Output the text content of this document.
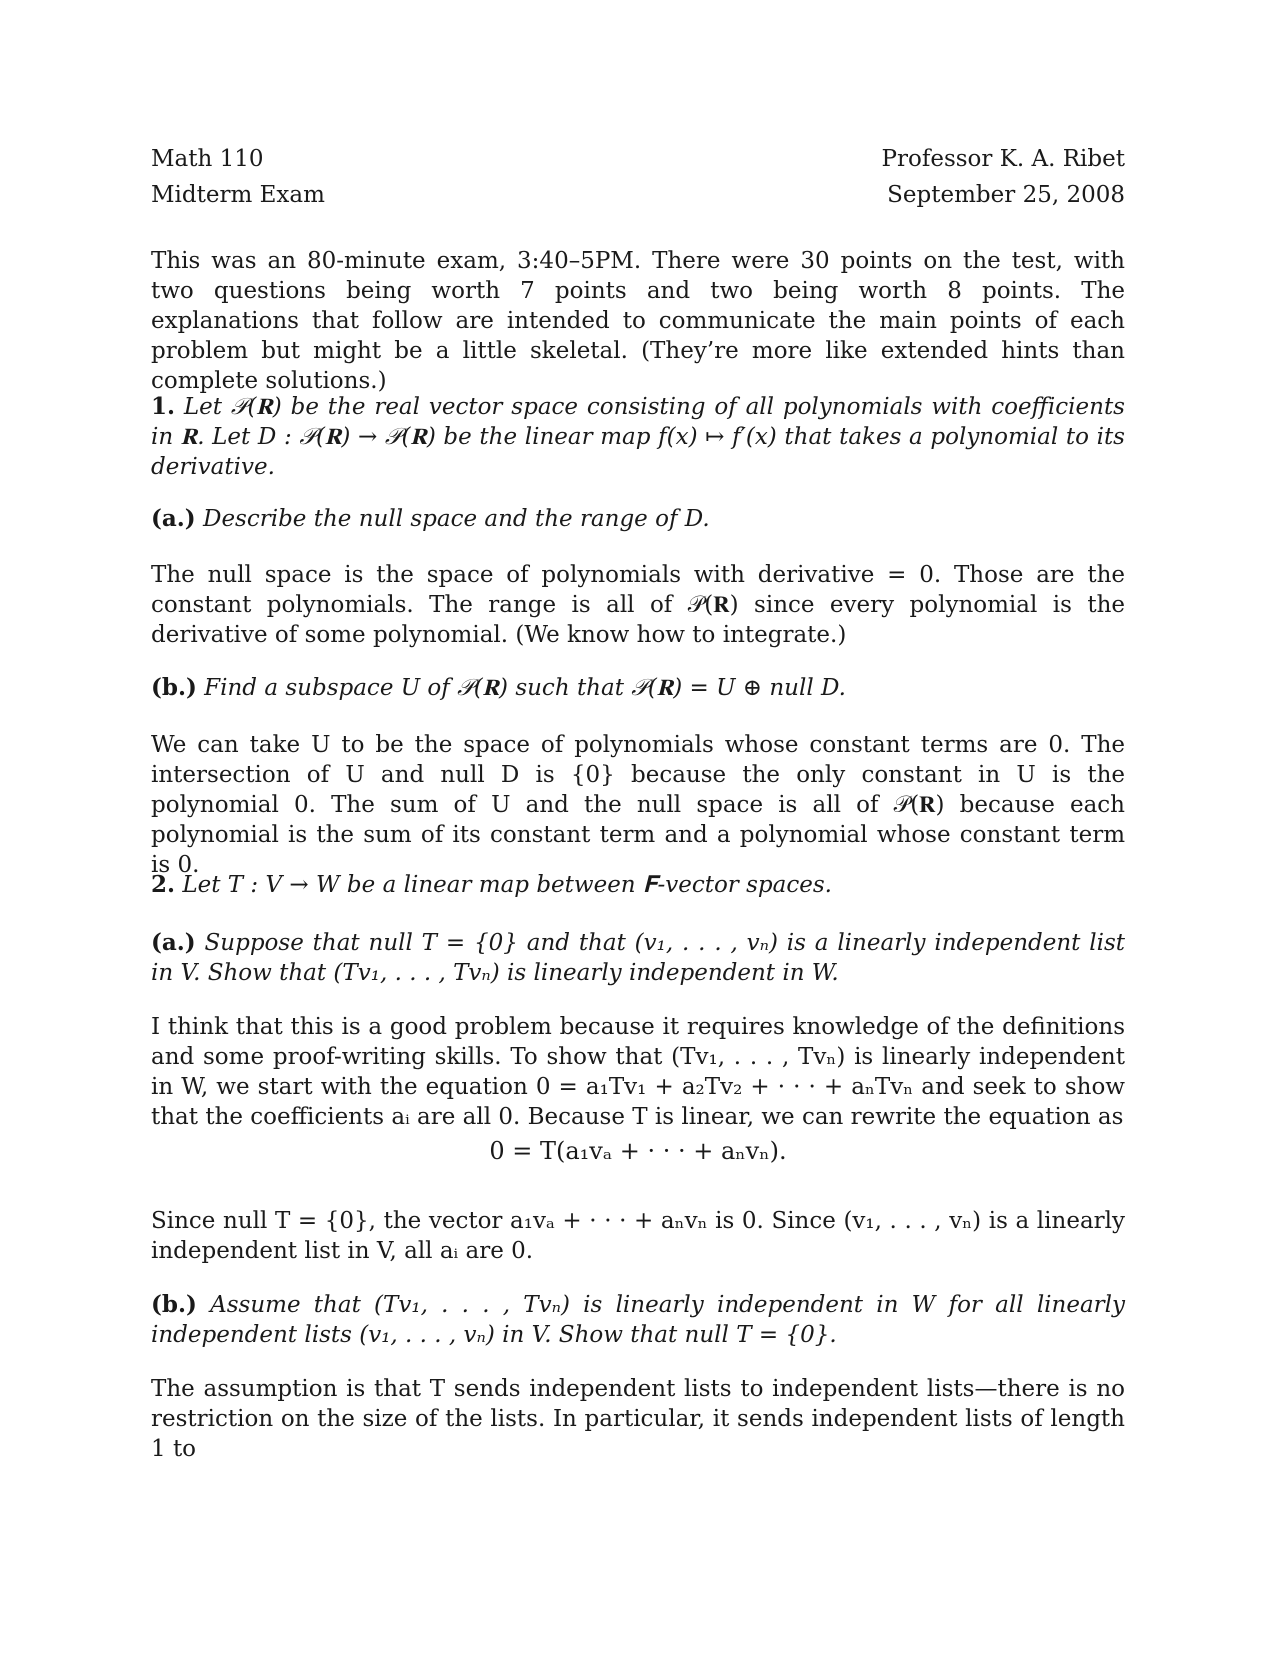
Math 110
Midterm Exam
Professor K. A. Ribet
September 25, 2008
This was an 80-minute exam, 3:40–5PM. There were 30 points on the test, with two questions being worth 7 points and two being worth 8 points. The explanations that follow are intended to communicate the main points of each problem but might be a little skeletal. (They’re more like extended hints than complete solutions.)
1. Let 𝒫(𝐑) be the real vector space consisting of all polynomials with coefficients in 𝐑. Let D : 𝒫(𝐑) → 𝒫(𝐑) be the linear map f(x) ↦ f′(x) that takes a polynomial to its derivative.
(a.) Describe the null space and the range of D.
The null space is the space of polynomials with derivative = 0. Those are the constant polynomials. The range is all of 𝒫(𝐑) since every polynomial is the derivative of some polynomial. (We know how to integrate.)
(b.) Find a subspace U of 𝒫(𝐑) such that 𝒫(𝐑) = U ⊕ null D.
We can take U to be the space of polynomials whose constant terms are 0. The intersection of U and null D is {0} because the only constant in U is the polynomial 0. The sum of U and the null space is all of 𝒫(𝐑) because each polynomial is the sum of its constant term and a polynomial whose constant term is 0.
2. Let T : V → W be a linear map between 𝐅-vector spaces.
(a.) Suppose that null T = {0} and that (v₁, . . . , vₙ) is a linearly independent list in V. Show that (Tv₁, . . . , Tvₙ) is linearly independent in W.
I think that this is a good problem because it requires knowledge of the definitions and some proof-writing skills. To show that (Tv₁, . . . , Tvₙ) is linearly independent in W, we start with the equation 0 = a₁Tv₁ + a₂Tv₂ + · · · + aₙTvₙ and seek to show that the coefficients aᵢ are all 0. Because T is linear, we can rewrite the equation as
0 = T(a₁vₐ + · · · + aₙvₙ).
Since null T = {0}, the vector a₁vₐ + · · · + aₙvₙ is 0. Since (v₁, . . . , vₙ) is a linearly independent list in V, all aᵢ are 0.
(b.) Assume that (Tv₁, . . . , Tvₙ) is linearly independent in W for all linearly independent lists (v₁, . . . , vₙ) in V. Show that null T = {0}.
The assumption is that T sends independent lists to independent lists—there is no restriction on the size of the lists. In particular, it sends independent lists of length 1 to
